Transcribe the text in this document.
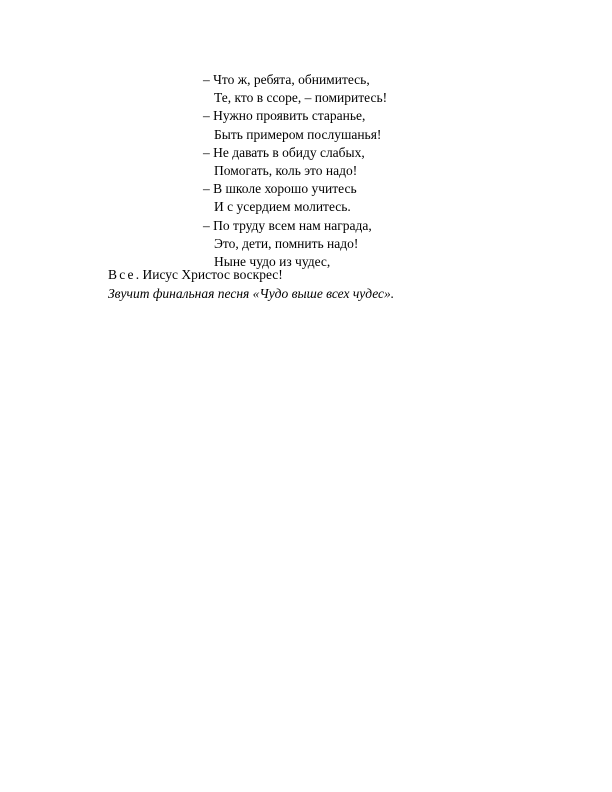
– Что ж, ребята, обнимитесь,
Те, кто в ссоре, – помиритесь!
– Нужно проявить старанье,
Быть примером послушанья!
– Не давать в обиду слабых,
Помогать, коль это надо!
– В школе хорошо учитесь
И с усердием молитесь.
– По труду всем нам награда,
Это, дети, помнить надо!
Ныне чудо из чудес,
Все. Иисус Христос воскрес!
Звучит финальная песня «Чудо выше всех чудес».
